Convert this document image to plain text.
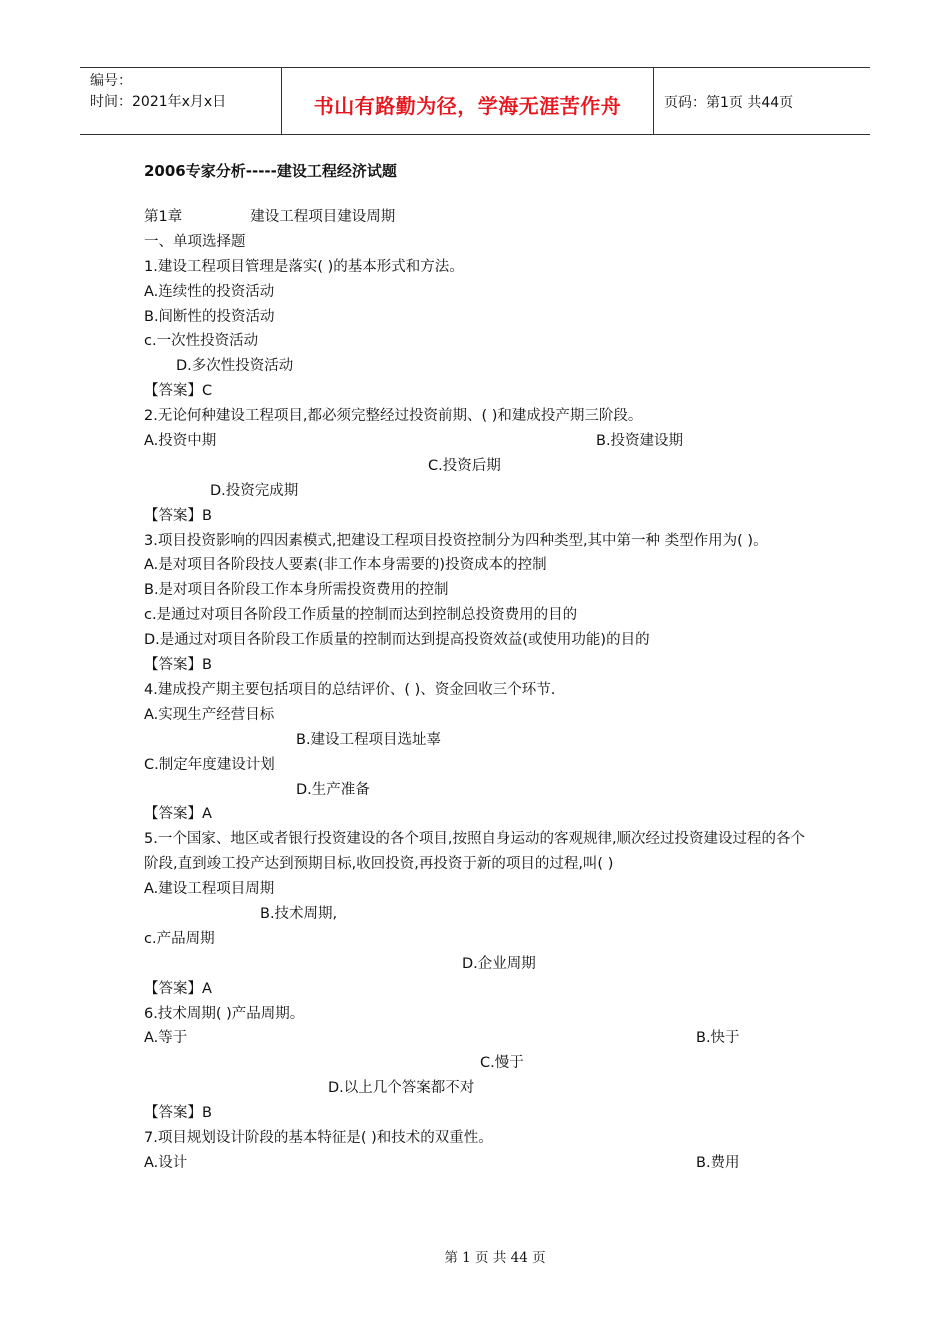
编号：
时间：2021年x月x日	书山有路勤为径，学海无涯苦作舟	页码：第1页 共44页
2006专家分析-----建设工程经济试题
第1章	建设工程项目建设周期
一、单项选择题
1.建设工程项目管理是落实( )的基本形式和方法。
A.连续性的投资活动
B.间断性的投资活动
c.一次性投资活动
D.多次性投资活动
【答案】C
2.无论何种建设工程项目,都必须完整经过投资前期、( )和建成投产期三阶段。
A.投资中期	B.投资建设期
C.投资后期
D.投资完成期
【答案】B
3.项目投资影响的四因素模式,把建设工程项目投资控制分为四种类型,其中第一种 类型作用为( )。
A.是对项目各阶段技人要素(非工作本身需要的)投资成本的控制
B.是对项目各阶段工作本身所需投资费用的控制
c.是通过对项目各阶段工作质量的控制而达到控制总投资费用的目的
D.是通过对项目各阶段工作质量的控制而达到提高投资效益(或使用功能)的目的
【答案】B
4.建成投产期主要包括项目的总结评价、( )、资金回收三个环节.
A.实现生产经营目标
B.建设工程项目选址辜
C.制定年度建设计划
D.生产准备
【答案】A
5.一个国家、地区或者银行投资建设的各个项目,按照自身运动的客观规律,顺次经过投资建设过程的各个阶段,直到竣工投产达到预期目标,收回投资,再投资于新的项目的过程,叫( )
A.建设工程项目周期
B.技术周期,
c.产品周期
D.企业周期
【答案】A
6.技术周期( )产品周期。
A.等于	B.快于
C.慢于
D.以上几个答案都不对
【答案】B
7.项目规划设计阶段的基本特征是( )和技术的双重性。
A.设计	B.费用
第 1 页 共 44 页
